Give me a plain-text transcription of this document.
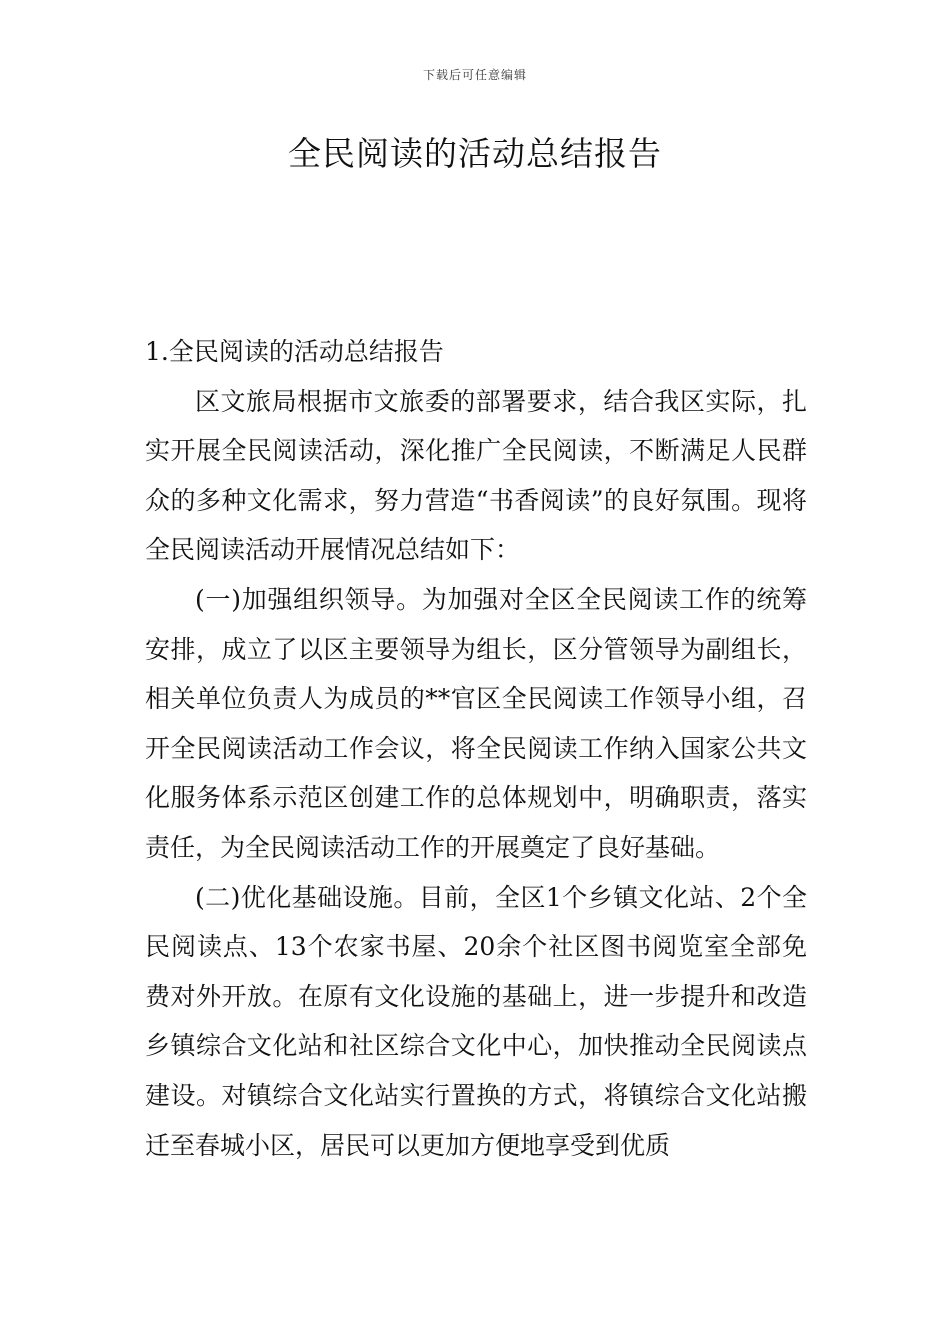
下载后可任意编辑
全民阅读的活动总结报告

1.全民阅读的活动总结报告

区文旅局根据市文旅委的部署要求，结合我区实际，扎实开展全民阅读活动，深化推广全民阅读，不断满足人民群众的多种文化需求，努力营造“书香阅读”的良好氛围。现将全民阅读活动开展情况总结如下：

(一)加强组织领导。为加强对全区全民阅读工作的统筹安排，成立了以区主要领导为组长，区分管领导为副组长，相关单位负责人为成员的**官区全民阅读工作领导小组，召开全民阅读活动工作会议，将全民阅读工作纳入国家公共文化服务体系示范区创建工作的总体规划中，明确职责，落实责任，为全民阅读活动工作的开展奠定了良好基础。

(二)优化基础设施。目前，全区1个乡镇文化站、2个全民阅读点、13个农家书屋、20余个社区图书阅览室全部免费对外开放。在原有文化设施的基础上，进一步提升和改造乡镇综合文化站和社区综合文化中心，加快推动全民阅读点建设。对镇综合文化站实行置换的方式，将镇综合文化站搬迁至春城小区，居民可以更加方便地享受到优质
